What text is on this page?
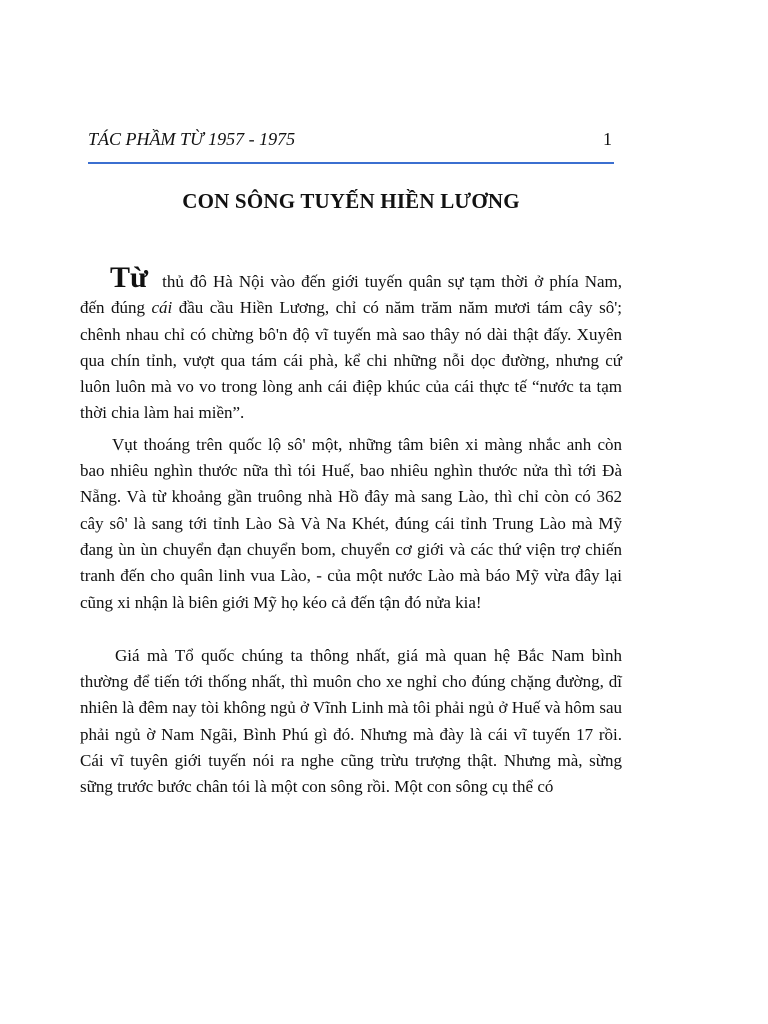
TÁC PHẦM TỪ 1957 - 1975	1
CON SÔNG TUYẾN HIỀN LƯƠNG

Từ thủ đô Hà Nội vào đến giới tuyến quân sự tạm thời ở phía Nam, đến đúng cái đầu cầu Hiền Lương, chỉ có năm trăm năm mươi tám cây sô'; chênh nhau chỉ có chừng bô'n độ vĩ tuyến mà sao thây nó dài thật đấy. Xuyên qua chín tỉnh, vượt qua tám cái phà, kể chi những nỗi dọc đường, nhưng cứ luôn luôn mà vo vo trong lòng anh cái điệp khúc của cái thực tế “nước ta tạm thời chia làm hai miền”.

Vụt thoáng trên quốc lộ sô' một, những tâm biên xi màng nhắc anh còn bao nhiêu nghìn thước nữa thì tói Huế, bao nhiêu nghìn thước nửa thì tới Đà Nẵng. Và từ khoảng gần truông nhà Hồ đây mà sang Lào, thì chỉ còn có 362 cây sô' là sang tới tỉnh Lào Sà Và Na Khét, đúng cái tỉnh Trung Lào mà Mỹ đang ùn ùn chuyển đạn chuyển bom, chuyển cơ giới và các thứ viện trợ chiến tranh đến cho quân linh vua Lào, - của một nước Lào mà báo Mỹ vừa đây lại cũng xi nhận là biên giới Mỹ họ kéo cả đến tận đó nửa kia!

Giá mà Tổ quốc chúng ta thông nhất, giá mà quan hệ Bắc Nam bình thường để tiến tới thống nhất, thì muôn cho xe nghỉ cho đúng chặng đường, dĩ nhiên là đêm nay tòi không ngủ ở Vĩnh Linh mà tôi phải ngủ ở Huế và hôm sau phải ngủ ờ Nam Ngãi, Bình Phú gì đó. Nhưng mà đày là cái vĩ tuyến 17 rồi. Cái vĩ tuyên giới tuyến nói ra nghe cũng trừu trượng thật. Nhưng mà, sừng sững trước bước chân tói là một con sông rồi. Một con sông cụ thể có
